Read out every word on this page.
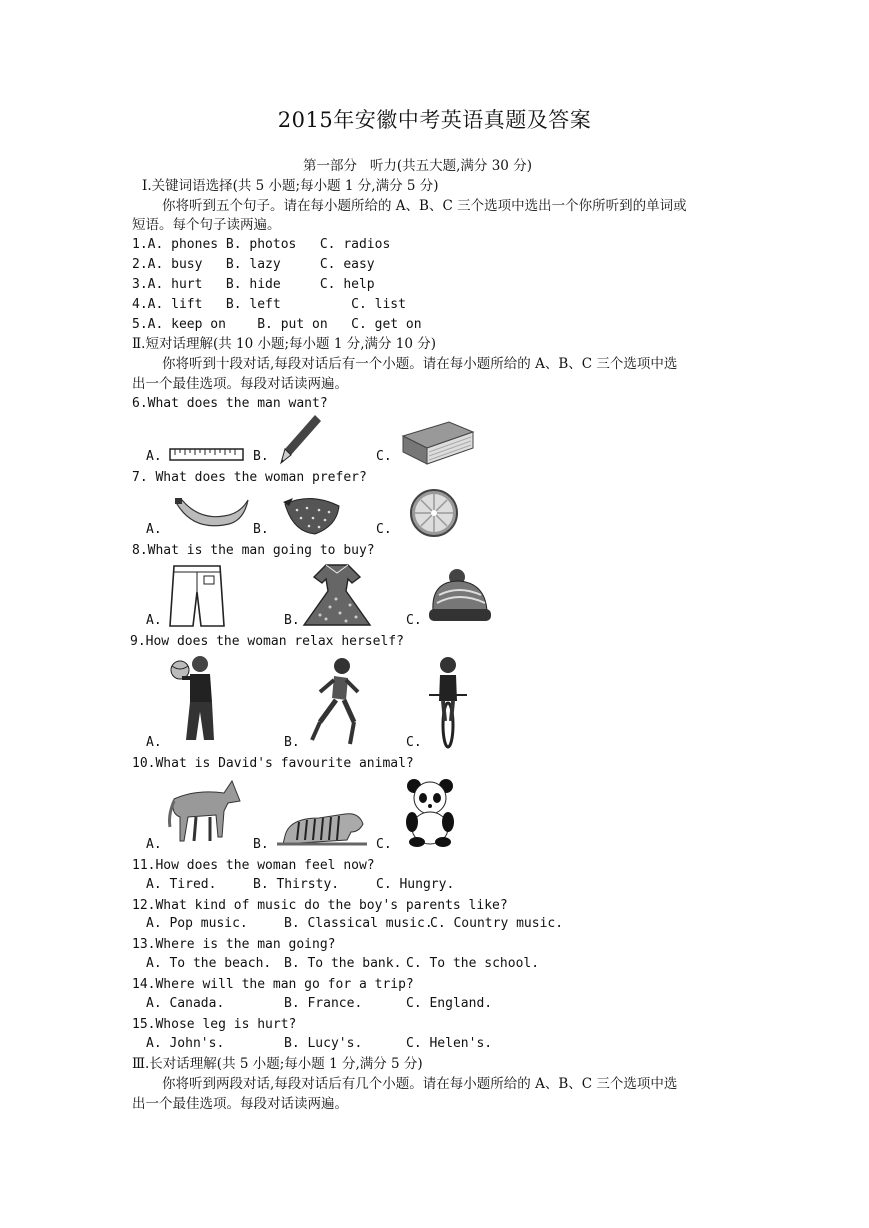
2015年安徽中考英语真题及答案
第一部分   听力(共五大题,满分 30 分)
Ⅰ.关键词语选择(共 5 小题;每小题 1 分,满分 5 分)
你将听到五个句子。请在每小题所给的 A、B、C 三个选项中选出一个你所听到的单词或
短语。每个句子读两遍。
1.A. phones B. photos   C. radios
2.A. busy   B. lazy     C. easy
3.A. hurt   B. hide     C. help
4.A. lift   B. left         C. list
5.A. keep on    B. put on   C. get on
Ⅱ.短对话理解(共 10 小题;每小题 1 分,满分 10 分)
你将听到十段对话,每段对话后有一个小题。请在每小题所给的 A、B、C 三个选项中选
出一个最佳选项。每段对话读两遍。
6.What does the man want?
A.	B.	C.
7. What does the woman prefer?
A.	B.	C.
8.What is the man going to buy?
A.	B.	C.
9.How does the woman relax herself?
A.	B.	C.
10.What is David's favourite animal?
A.	B.	C.
11.How does the woman feel now?
A. Tired.	B. Thirsty.	C. Hungry.
12.What kind of music do the boy's parents like?
A. Pop music.	B. Classical music.
C. Country music.
13.Where is the man going?
A. To the beach. B. To the bank. C. To the school.
14.Where will the man go for a trip?
A. Canada.	B. France.	C. England.
15.Whose leg is hurt?
A. John's.	B. Lucy's.	C. Helen's.
Ⅲ.长对话理解(共 5 小题;每小题 1 分,满分 5 分)
你将听到两段对话,每段对话后有几个小题。请在每小题所给的 A、B、C 三个选项中选
出一个最佳选项。每段对话读两遍。
